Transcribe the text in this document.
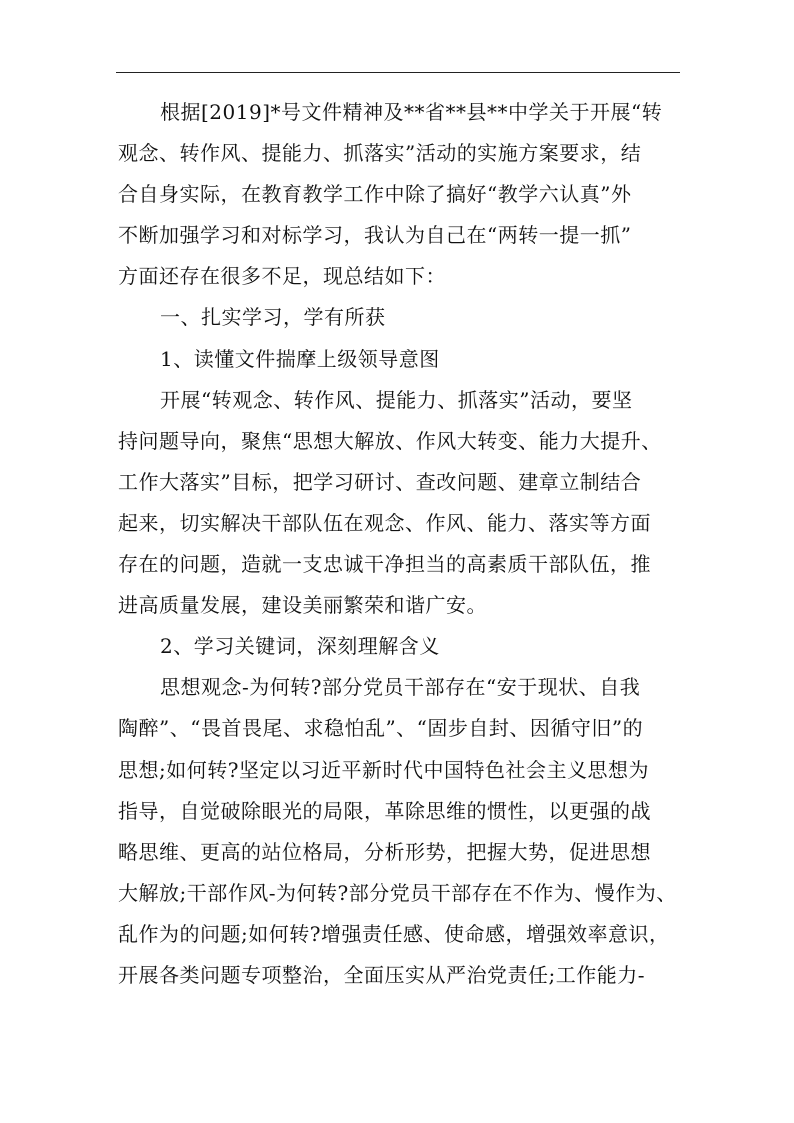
根据[2019]*号文件精神及**省**县**中学关于开展“转
观念、转作风、提能力、抓落实”活动的实施方案要求，结
合自身实际，在教育教学工作中除了搞好“教学六认真”外
不断加强学习和对标学习，我认为自己在“两转一提一抓”
方面还存在很多不足，现总结如下：
一、扎实学习，学有所获
1、读懂文件揣摩上级领导意图
开展“转观念、转作风、提能力、抓落实”活动，要坚
持问题导向，聚焦“思想大解放、作风大转变、能力大提升、
工作大落实”目标，把学习研讨、查改问题、建章立制结合
起来，切实解决干部队伍在观念、作风、能力、落实等方面
存在的问题，造就一支忠诚干净担当的高素质干部队伍，推
进高质量发展，建设美丽繁荣和谐广安。
2、学习关键词，深刻理解含义
思想观念-为何转?部分党员干部存在“安于现状、自我
陶醉”、“畏首畏尾、求稳怕乱”、“固步自封、因循守旧”的
思想;如何转?坚定以习近平新时代中国特色社会主义思想为
指导，自觉破除眼光的局限，革除思维的惯性，以更强的战
略思维、更高的站位格局，分析形势，把握大势，促进思想
大解放;干部作风-为何转?部分党员干部存在不作为、慢作为、
乱作为的问题;如何转?增强责任感、使命感，增强效率意识，
开展各类问题专项整治，全面压实从严治党责任;工作能力-
